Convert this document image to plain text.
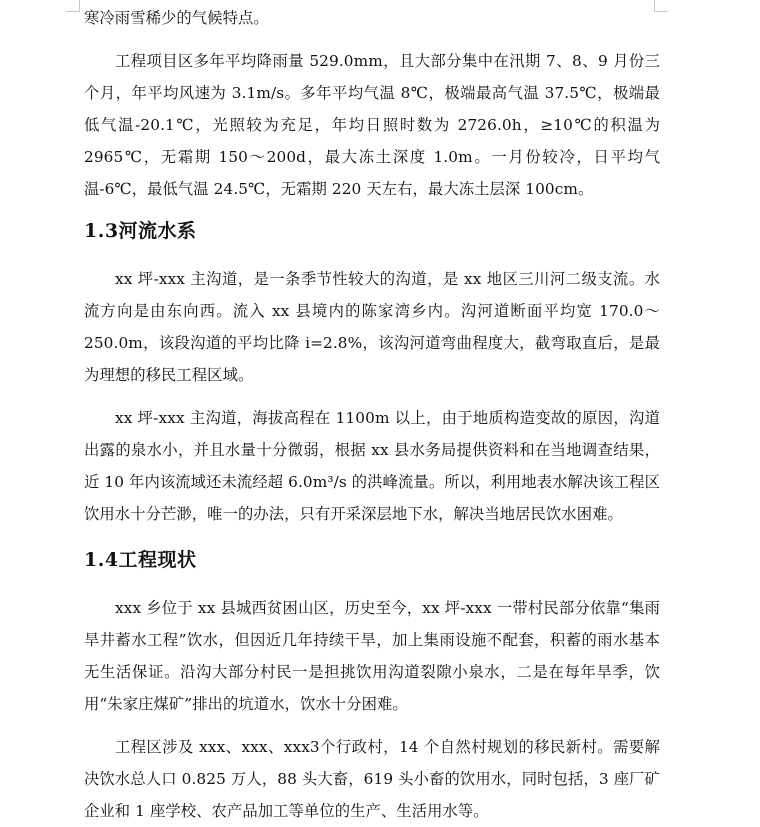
寒冷雨雪稀少的气候特点。

工程项目区多年平均降雨量 529.0mm，且大部分集中在汛期 7、8、9 月份三个月，年平均风速为 3.1m/s。多年平均气温 8℃，极端最高气温 37.5℃，极端最低气温-20.1℃，光照较为充足，年均日照时数为 2726.0h，≥10℃的积温为 2965℃，无霜期 150～200d，最大冻土深度 1.0m。一月份较冷，日平均气温-6℃，最低气温 24.5℃，无霜期 220 天左右，最大冻土层深 100cm。

1.3河流水系

xx 坪-xxx 主沟道，是一条季节性较大的沟道，是 xx 地区三川河二级支流。水流方向是由东向西。流入 xx 县境内的陈家湾乡内。沟河道断面平均宽 170.0～250.0m，该段沟道的平均比降 i=2.8%，该沟河道弯曲程度大，截弯取直后，是最为理想的移民工程区域。

xx 坪-xxx 主沟道，海拔高程在 1100m 以上，由于地质构造变故的原因，沟道出露的泉水小，并且水量十分微弱，根据 xx 县水务局提供资料和在当地调查结果，近 10 年内该流域还未流经超 6.0m³/s 的洪峰流量。所以，利用地表水解决该工程区饮用水十分芒渺，唯一的办法，只有开采深层地下水，解决当地居民饮水困难。

1.4工程现状

xxx 乡位于 xx 县城西贫困山区，历史至今，xx 坪-xxx 一带村民部分依靠“集雨旱井蓄水工程”饮水，但因近几年持续干旱，加上集雨设施不配套，积蓄的雨水基本无生活保证。沿沟大部分村民一是担挑饮用沟道裂隙小泉水，二是在每年旱季，饮用“朱家庄煤矿”排出的坑道水，饮水十分困难。

工程区涉及 xxx、xxx、xxx3个行政村，14 个自然村规划的移民新村。需要解决饮水总人口 0.825 万人，88 头大畜，619 头小畜的饮用水，同时包括，3 座厂矿企业和 1 座学校、农产品加工等单位的生产、生活用水等。
